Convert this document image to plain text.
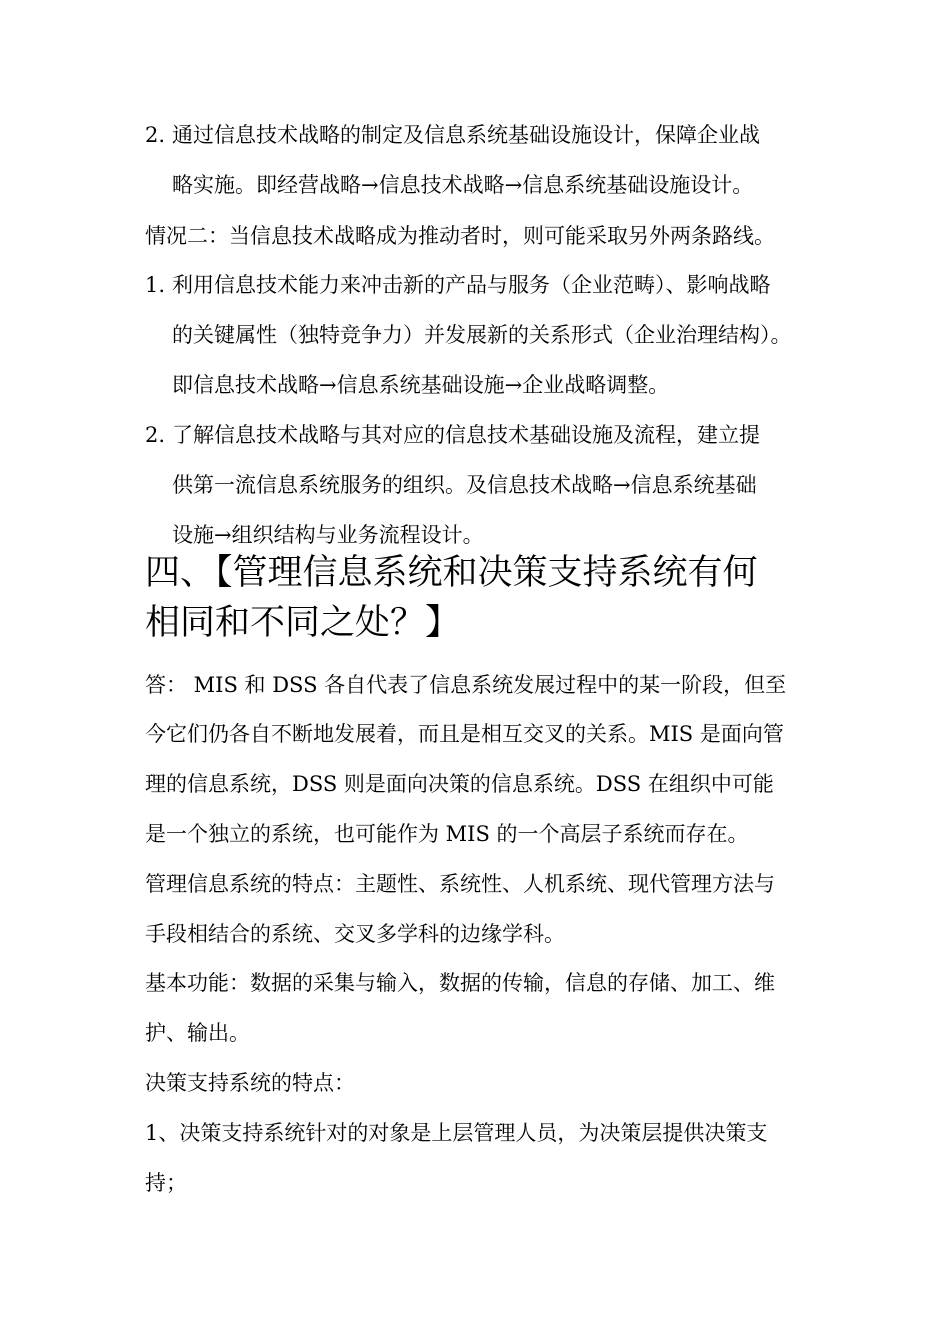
2. 通过信息技术战略的制定及信息系统基础设施设计，保障企业战
略实施。即经营战略→信息技术战略→信息系统基础设施设计。
情况二：当信息技术战略成为推动者时，则可能采取另外两条路线。
1. 利用信息技术能力来冲击新的产品与服务（企业范畴）、影响战略
的关键属性（独特竞争力）并发展新的关系形式（企业治理结构）。
即信息技术战略→信息系统基础设施→企业战略调整。
2. 了解信息技术战略与其对应的信息技术基础设施及流程，建立提
供第一流信息系统服务的组织。及信息技术战略→信息系统基础
设施→组织结构与业务流程设计。
四、【管理信息系统和决策支持系统有何
相同和不同之处？】
答： MIS 和 DSS 各自代表了信息系统发展过程中的某一阶段，但至
今它们仍各自不断地发展着，而且是相互交叉的关系。MIS 是面向管
理的信息系统，DSS 则是面向决策的信息系统。DSS 在组织中可能
是一个独立的系统，也可能作为 MIS 的一个高层子系统而存在。
管理信息系统的特点：主题性、系统性、人机系统、现代管理方法与
手段相结合的系统、交叉多学科的边缘学科。
基本功能：数据的采集与输入，数据的传输，信息的存储、加工、维
护、输出。
决策支持系统的特点：
1、决策支持系统针对的对象是上层管理人员，为决策层提供决策支
持；
